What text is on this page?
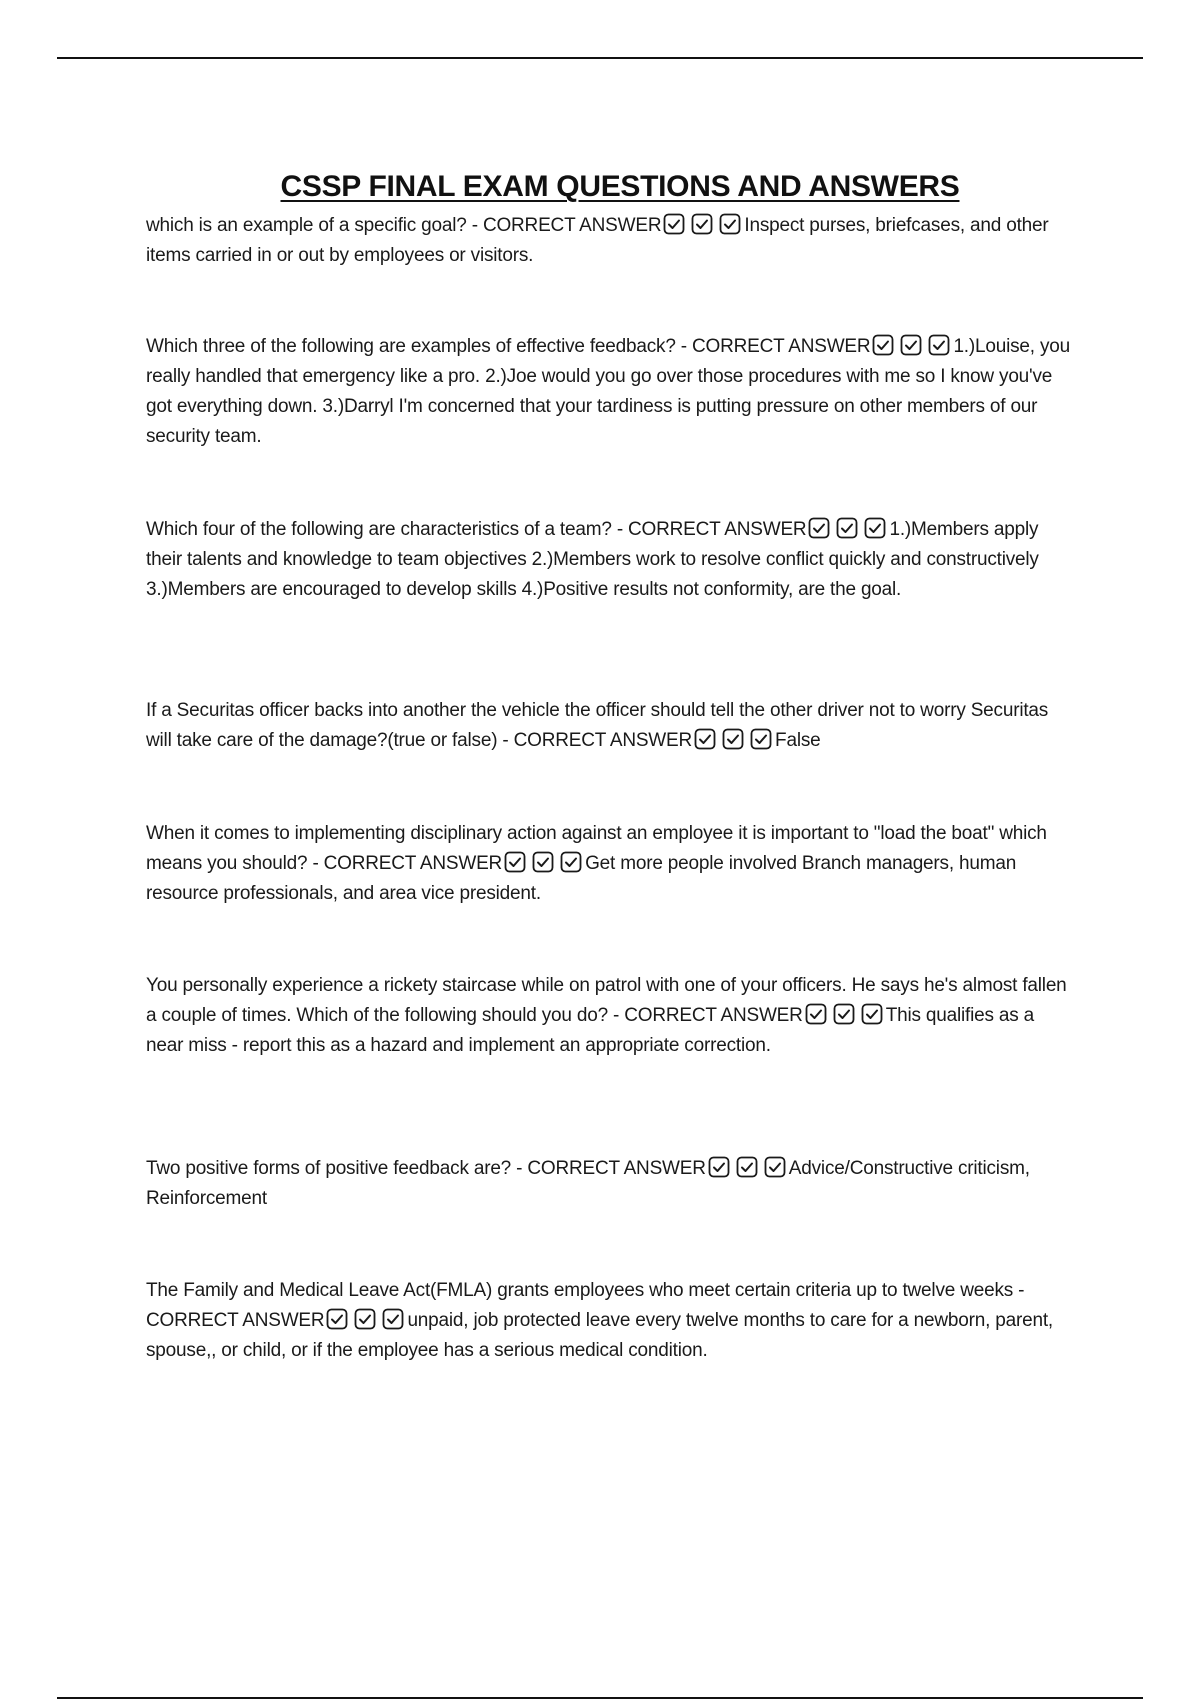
CSSP FINAL EXAM QUESTIONS AND ANSWERS
which is an example of a specific goal? - CORRECT ANSWER	Inspect purses, briefcases, and other items carried in or out by employees or visitors.
Which three of the following are examples of effective feedback? - CORRECT ANSWER	1.)Louise, you really handled that emergency like a pro. 2.)Joe would you go over those procedures with me so I know you've got everything down. 3.)Darryl I'm concerned that your tardiness is putting pressure on other members of our security team.
Which four of the following are characteristics of a team? - CORRECT ANSWER	1.)Members apply their talents and knowledge to team objectives 2.)Members work to resolve conflict quickly and constructively 3.)Members are encouraged to develop skills 4.)Positive results not conformity, are the goal.
If a Securitas officer backs into another the vehicle the officer should tell the other driver not to worry Securitas will take care of the damage?(true or false) - CORRECT ANSWER	False
When it comes to implementing disciplinary action against an employee it is important to "load the boat" which means you should? - CORRECT ANSWER	Get more people involved Branch managers, human resource professionals, and area vice president.
You personally experience a rickety staircase while on patrol with one of your officers. He says he's almost fallen a couple of times. Which of the following should you do? - CORRECT ANSWER	This qualifies as a near miss - report this as a hazard and implement an appropriate correction.
Two positive forms of positive feedback are? - CORRECT ANSWER	Advice/Constructive criticism, Reinforcement
The Family and Medical Leave Act(FMLA) grants employees who meet certain criteria up to twelve weeks - CORRECT ANSWER	unpaid, job protected leave every twelve months to care for a newborn, parent, spouse,, or child, or if the employee has a serious medical condition.
